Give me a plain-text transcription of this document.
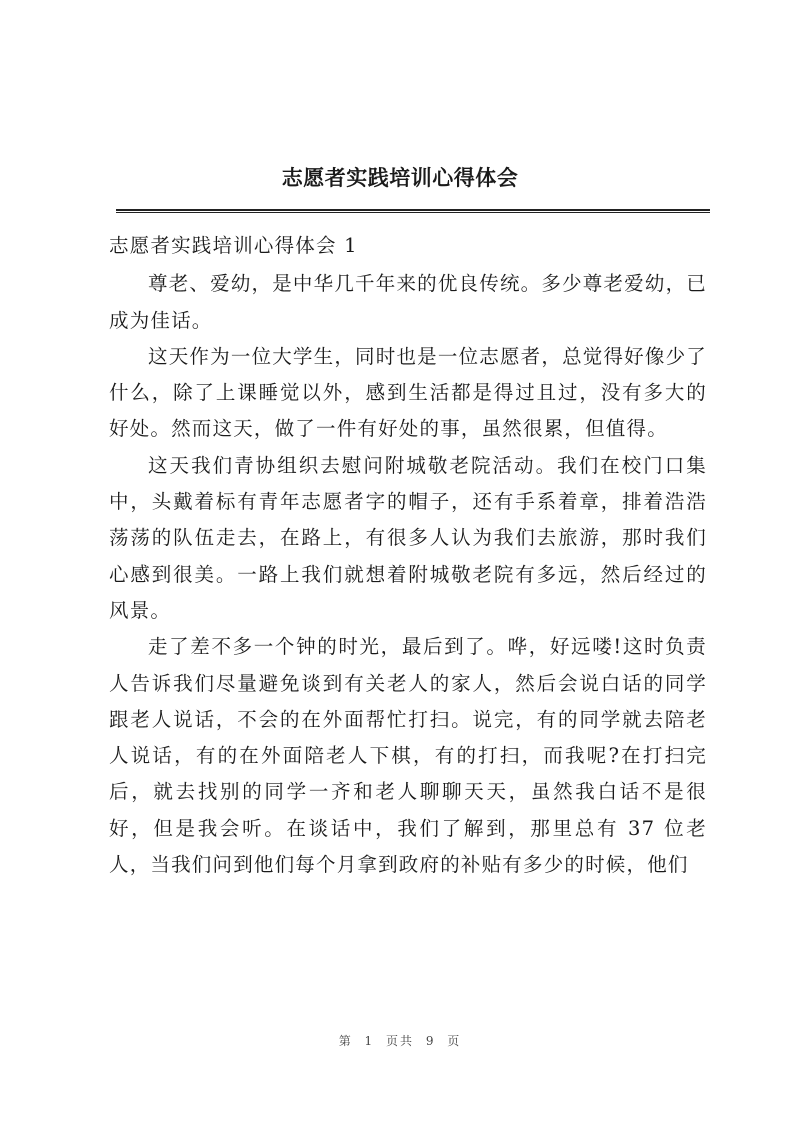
志愿者实践培训心得体会

志愿者实践培训心得体会 1

尊老、爱幼，是中华几千年来的优良传统。多少尊老爱幼，已成为佳话。

这天作为一位大学生，同时也是一位志愿者，总觉得好像少了什么，除了上课睡觉以外，感到生活都是得过且过，没有多大的好处。然而这天，做了一件有好处的事，虽然很累，但值得。

这天我们青协组织去慰问附城敬老院活动。我们在校门口集中，头戴着标有青年志愿者字的帽子，还有手系着章，排着浩浩荡荡的队伍走去，在路上，有很多人认为我们去旅游，那时我们心感到很美。一路上我们就想着附城敬老院有多远，然后经过的风景。

走了差不多一个钟的时光，最后到了。哗，好远喽!这时负责人告诉我们尽量避免谈到有关老人的家人，然后会说白话的同学跟老人说话，不会的在外面帮忙打扫。说完，有的同学就去陪老人说话，有的在外面陪老人下棋，有的打扫，而我呢?在打扫完后，就去找别的同学一齐和老人聊聊天天，虽然我白话不是很好，但是我会听。在谈话中，我们了解到，那里总有 37 位老人，当我们问到他们每个月拿到政府的补贴有多少的时候，他们

第 1 页共 9 页
